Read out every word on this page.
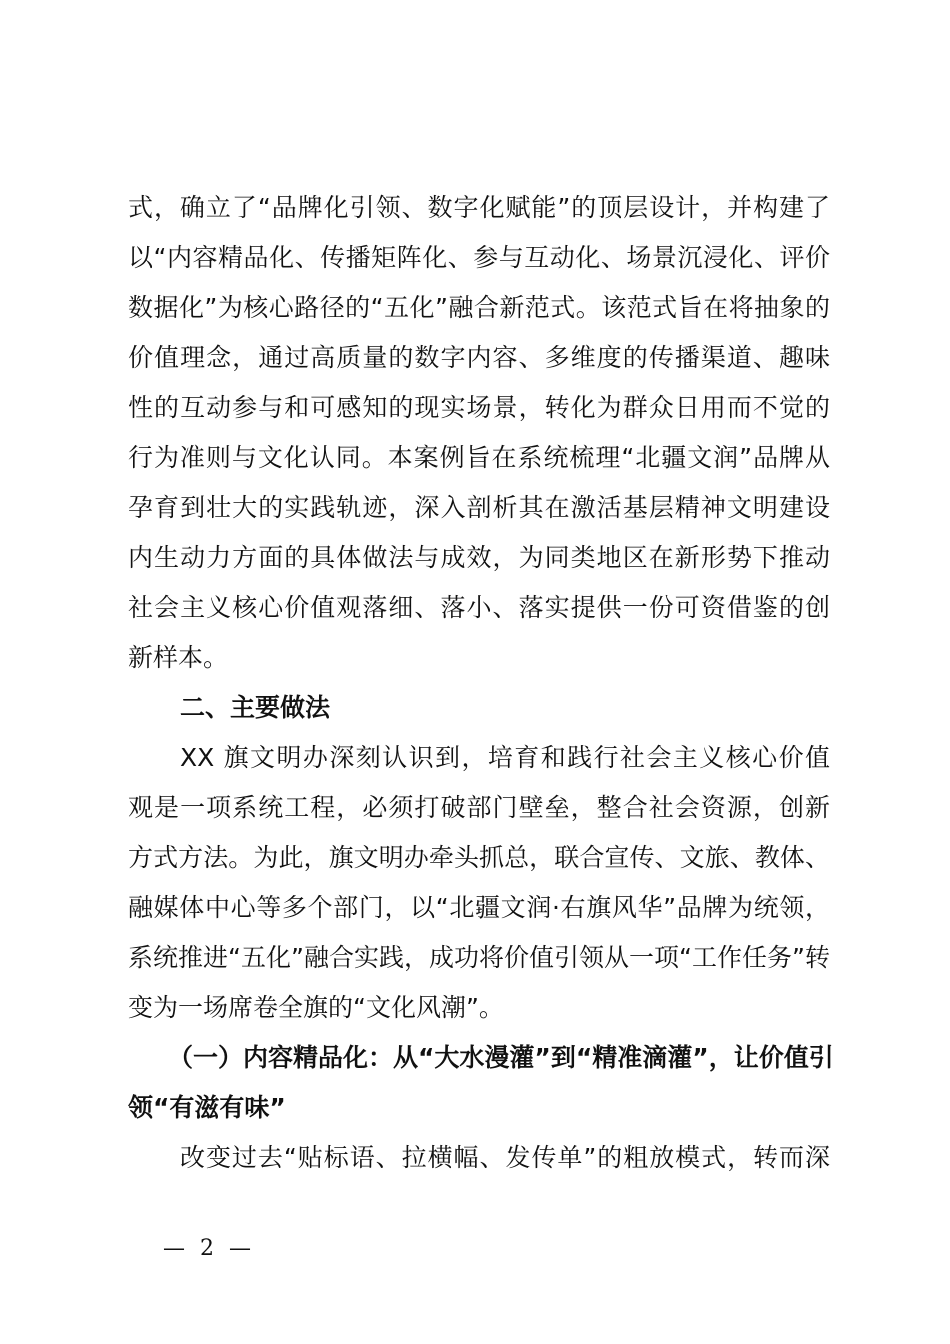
式，确立了“品牌化引领、数字化赋能”的顶层设计，并构建了
以“内容精品化、传播矩阵化、参与互动化、场景沉浸化、评价
数据化”为核心路径的“五化”融合新范式。该范式旨在将抽象的
价值理念，通过高质量的数字内容、多维度的传播渠道、趣味
性的互动参与和可感知的现实场景，转化为群众日用而不觉的
行为准则与文化认同。本案例旨在系统梳理“北疆文润”品牌从
孕育到壮大的实践轨迹，深入剖析其在激活基层精神文明建设
内生动力方面的具体做法与成效，为同类地区在新形势下推动
社会主义核心价值观落细、落小、落实提供一份可资借鉴的创
新样本。
二、主要做法
XX 旗文明办深刻认识到，培育和践行社会主义核心价值
观是一项系统工程，必须打破部门壁垒，整合社会资源，创新
方式方法。为此，旗文明办牵头抓总，联合宣传、文旅、教体、
融媒体中心等多个部门，以“北疆文润·右旗风华”品牌为统领，
系统推进“五化”融合实践，成功将价值引领从一项“工作任务”转
变为一场席卷全旗的“文化风潮”。
（一）内容精品化：从“大水漫灌”到“精准滴灌”，让价值引
领“有滋有味”
改变过去“贴标语、拉横幅、发传单”的粗放模式，转而深
— 2 —
